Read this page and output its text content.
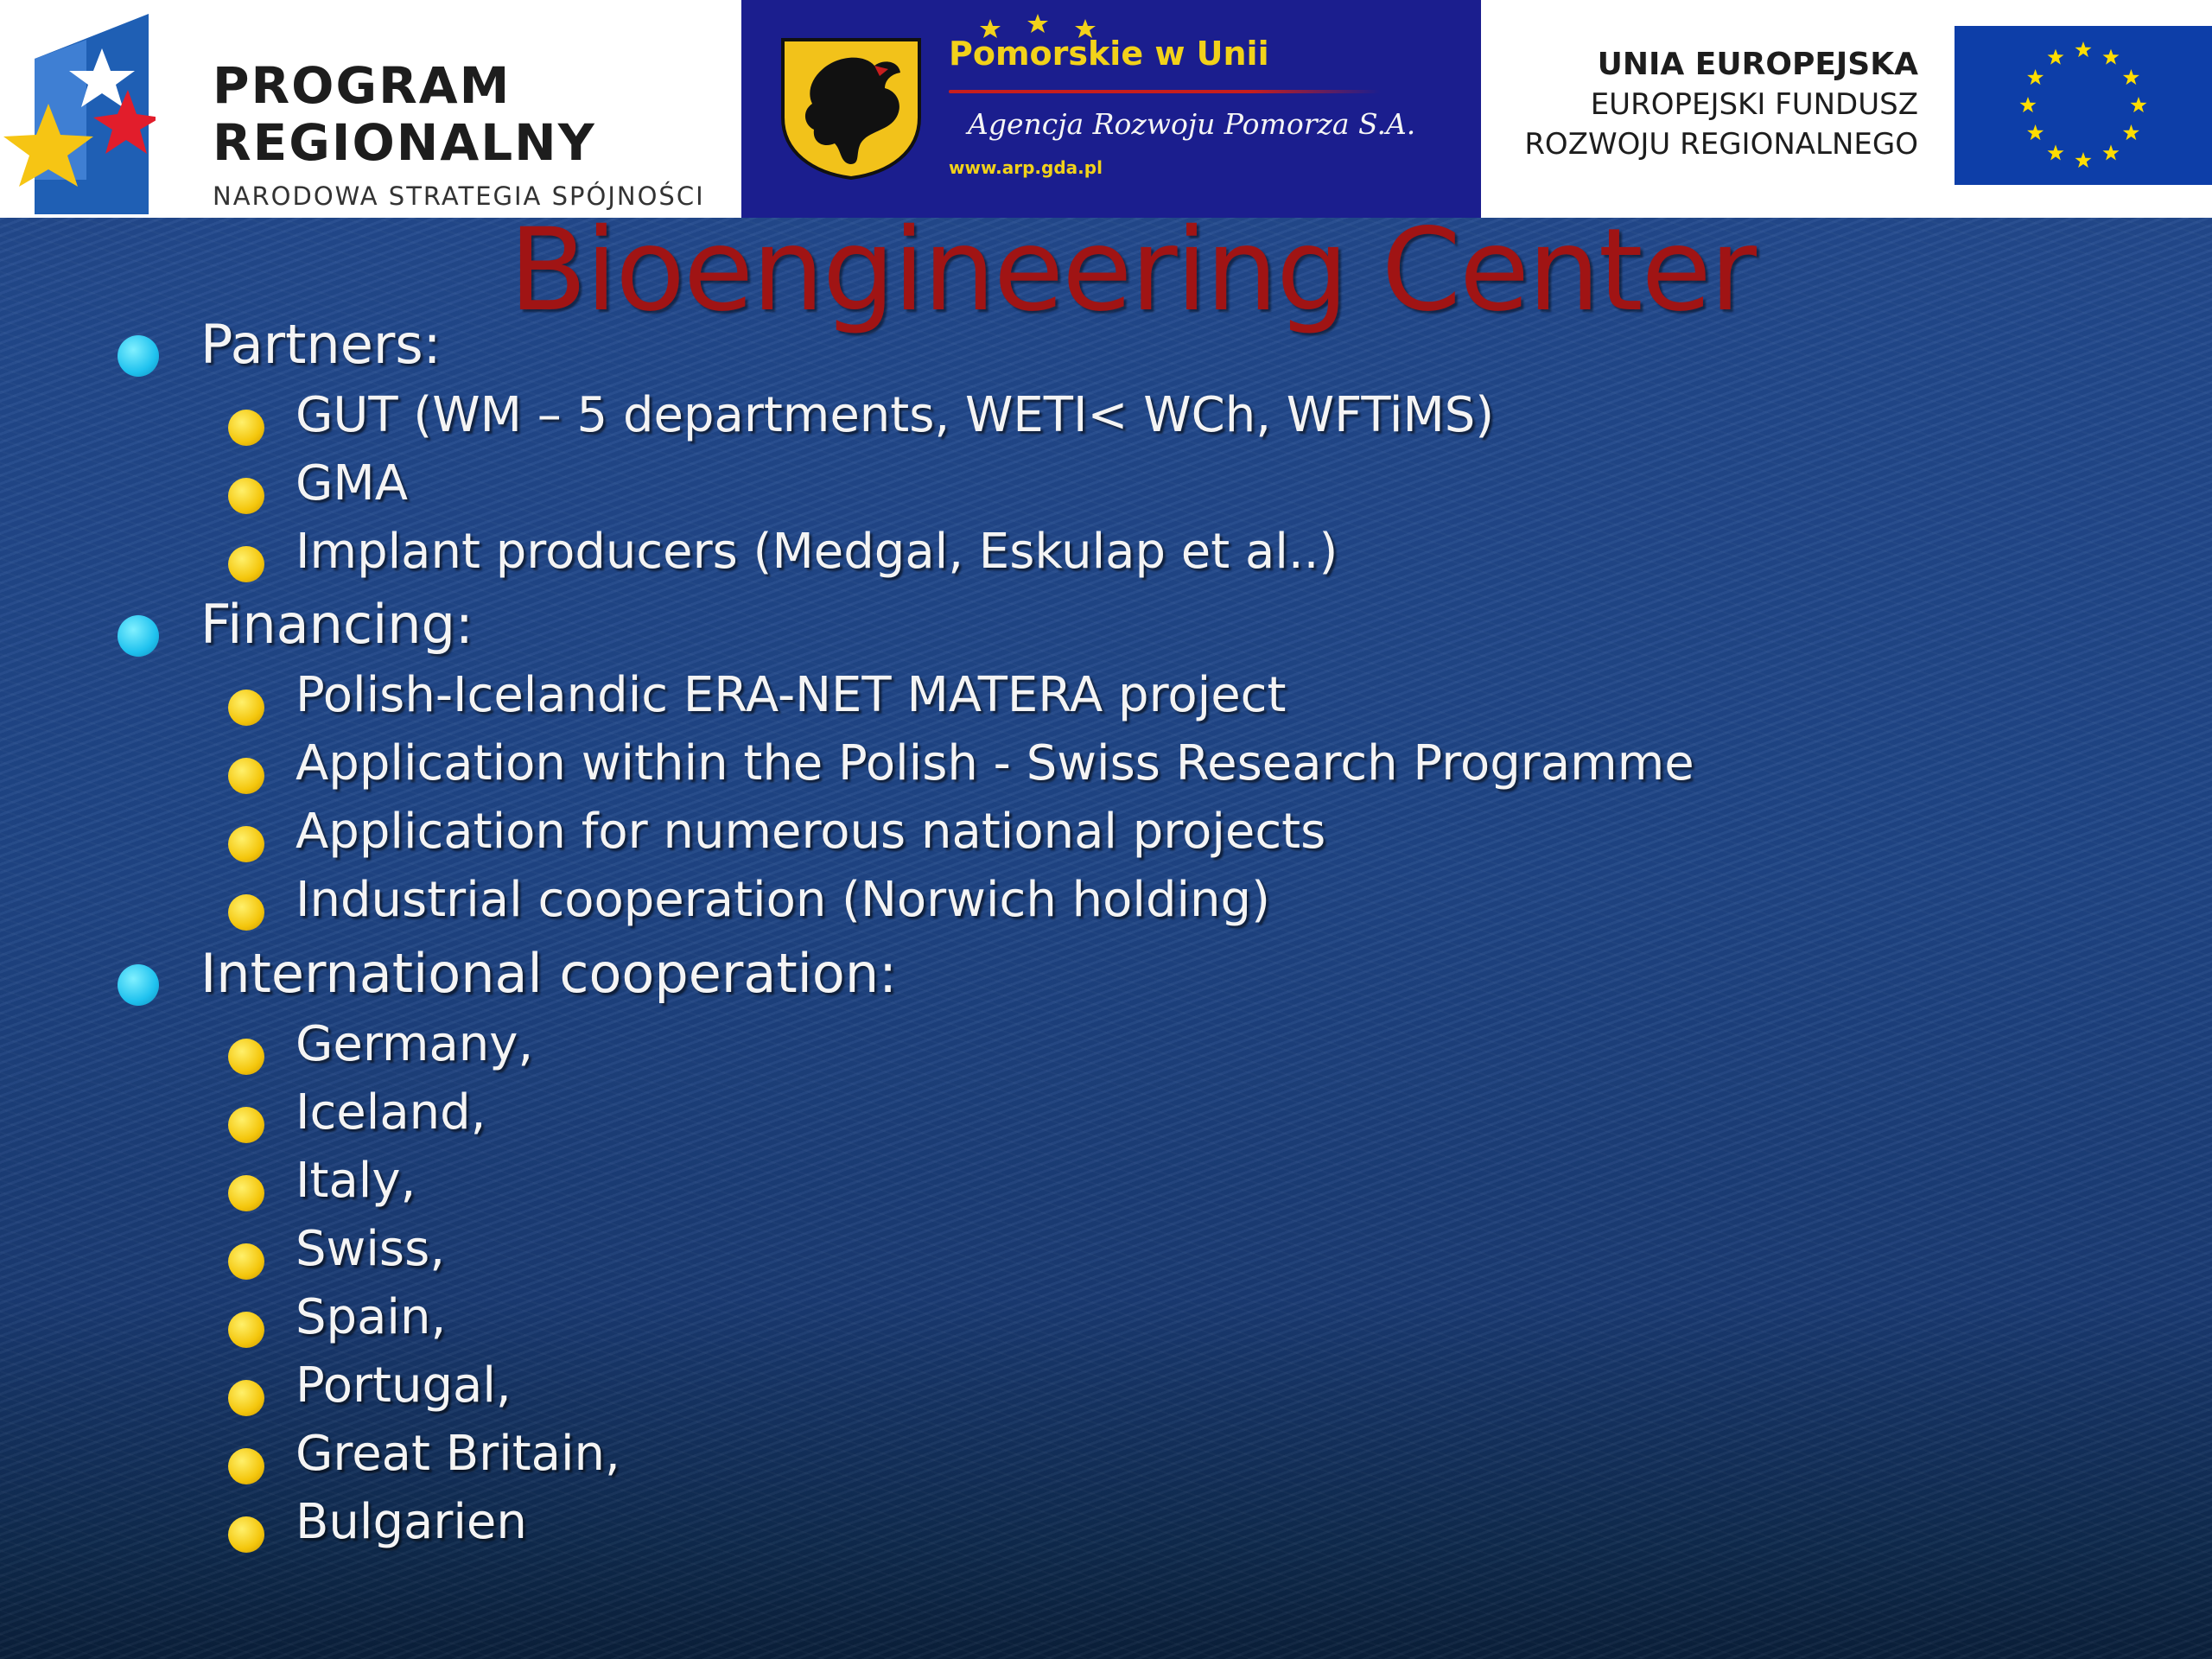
PROGRAM
REGIONALNY
NARODOWA STRATEGIA SPÓJNOŚCI
Pomorskie w Unii
Agencja Rozwoju Pomorza S.A.
www.arp.gda.pl
UNIA EUROPEJSKA
EUROPEJSKI FUNDUSZ
ROZWOJU REGIONALNEGO
Bioengineering Center
Partners:
GUT (WM – 5 departments, WETI< WCh, WFTiMS)
GMA
Implant producers (Medgal, Eskulap et al..)
Financing:
Polish-Icelandic ERA-NET MATERA project
Application within the Polish - Swiss Research Programme
Application for numerous national projects
Industrial cooperation (Norwich holding)
International cooperation:
Germany,
Iceland,
Italy,
Swiss,
Spain,
Portugal,
Great Britain,
Bulgarien
